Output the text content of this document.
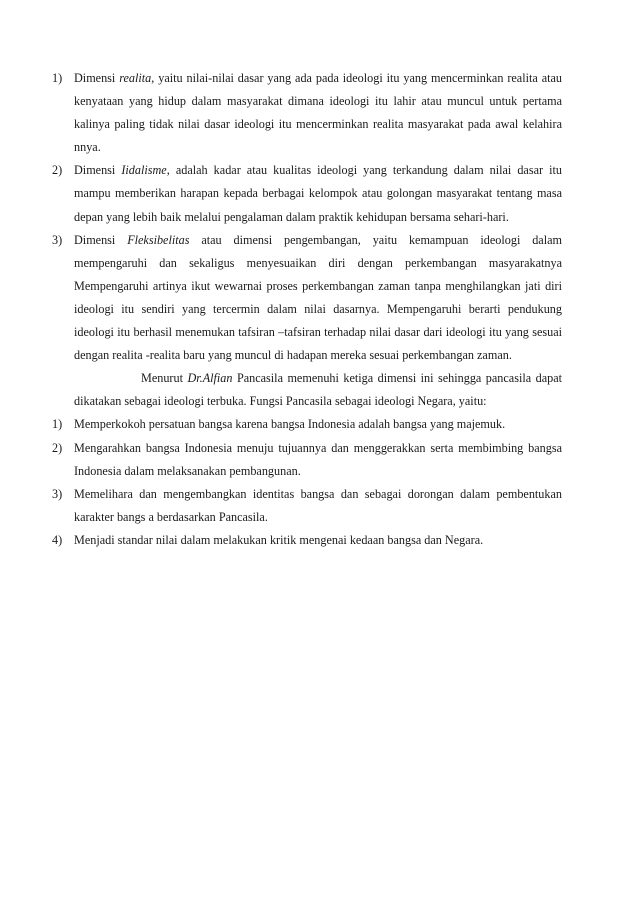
1) Dimensi realita, yaitu nilai-nilai dasar yang ada pada ideologi itu yang mencerminkan realita atau kenyataan yang hidup dalam masyarakat dimana ideologi itu lahir atau muncul untuk pertama kalinya paling tidak nilai dasar ideologi itu mencerminkan realita masyarakat pada awal kelahira nnya.
2) Dimensi Iidalisme, adalah kadar atau kualitas ideologi yang terkandung dalam nilai dasar itu mampu memberikan harapan kepada berbagai kelompok atau golongan masyarakat tentang masa depan yang lebih baik melalui pengalaman dalam praktik kehidupan bersama sehari-hari.
3) Dimensi Fleksibelitas atau dimensi pengembangan, yaitu kemampuan ideologi dalam mempengaruhi dan sekaligus menyesuaikan diri dengan perkembangan masyarakatnya Mempengaruhi artinya ikut wewarnai proses perkembangan zaman tanpa menghilangkan jati diri ideologi itu sendiri yang tercermin dalam nilai dasarnya. Mempengaruhi berarti pendukung ideologi itu berhasil menemukan tafsiran –tafsiran terhadap nilai dasar dari ideologi itu yang sesuai dengan realita -realita baru yang muncul di hadapan mereka sesuai perkembangan zaman.
Menurut Dr.Alfian Pancasila memenuhi ketiga dimensi ini sehingga pancasila dapat dikatakan sebagai ideologi terbuka. Fungsi Pancasila sebagai ideologi Negara, yaitu:
1) Memperkokoh persatuan bangsa karena bangsa Indonesia adalah bangsa yang majemuk.
2) Mengarahkan bangsa Indonesia menuju tujuannya dan menggerakkan serta membimbing bangsa Indonesia dalam melaksanakan pembangunan.
3) Memelihara dan mengembangkan identitas bangsa dan sebagai dorongan dalam pembentukan karakter bangs a berdasarkan Pancasila.
4) Menjadi standar nilai dalam melakukan kritik mengenai kedaan bangsa dan Negara.
